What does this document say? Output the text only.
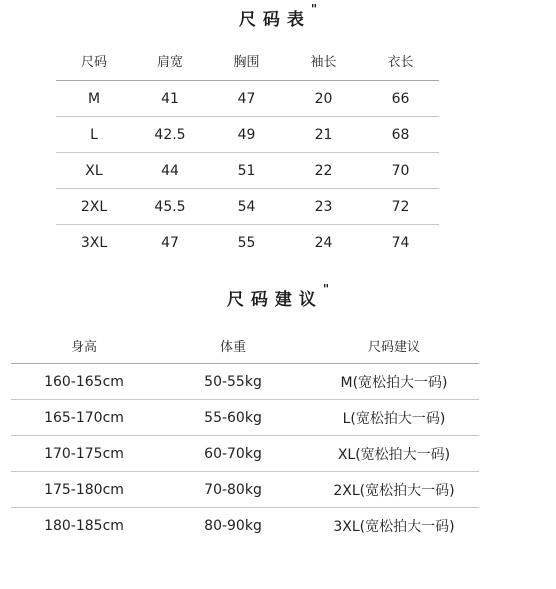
尺码表"
尺码	肩宽	胸围	袖长	衣长
M	41	47	20	66
L	42.5	49	21	68
XL	44	51	22	70
2XL	45.5	54	23	72
3XL	47	55	24	74
尺码建议"
身高	体重	尺码建议
160-165cm	50-55kg	M(宽松拍大一码)
165-170cm	55-60kg	L(宽松拍大一码)
170-175cm	60-70kg	XL(宽松拍大一码)
175-180cm	70-80kg	2XL(宽松拍大一码)
180-185cm	80-90kg	3XL(宽松拍大一码)
